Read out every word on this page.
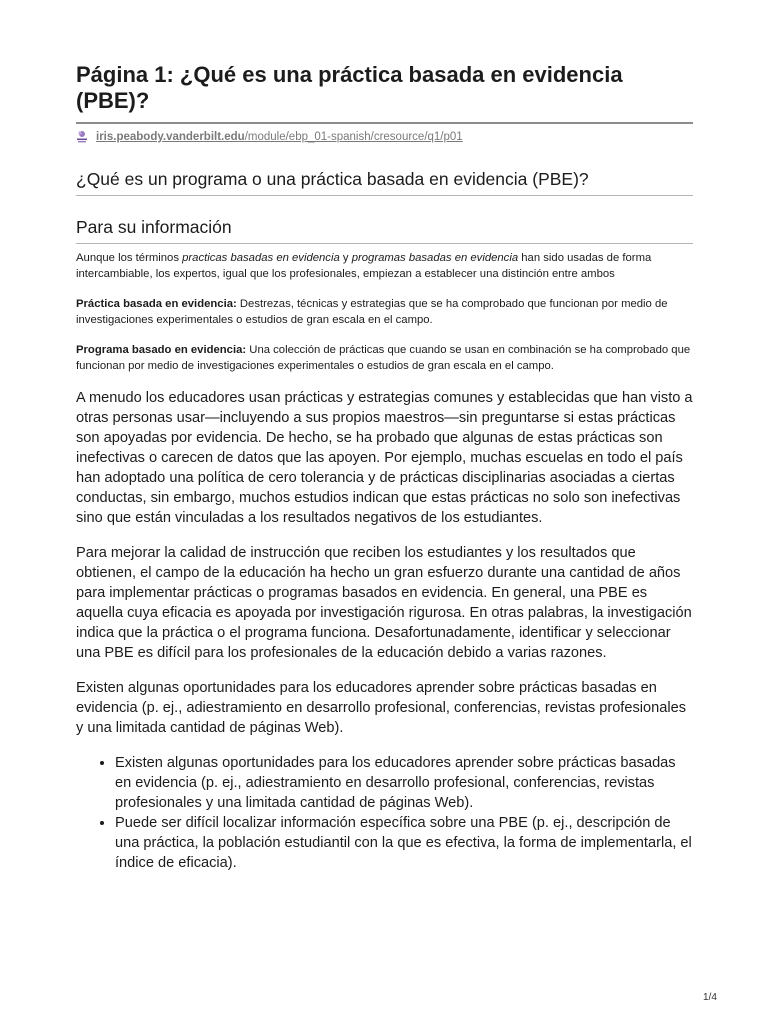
Página 1: ¿Qué es una práctica basada en evidencia (PBE)?
iris.peabody.vanderbilt.edu/module/ebp_01-spanish/cresource/q1/p01
¿Qué es un programa o una práctica basada en evidencia (PBE)?
Para su información

Aunque los términos practicas basadas en evidencia y programas basadas en evidencia han sido usadas de forma intercambiable, los expertos, igual que los profesionales, empiezan a establecer una distinción entre ambos

Práctica basada en evidencia: Destrezas, técnicas y estrategias que se ha comprobado que funcionan por medio de investigaciones experimentales o estudios de gran escala en el campo.

Programa basado en evidencia: Una colección de prácticas que cuando se usan en combinación se ha comprobado que funcionan por medio de investigaciones experimentales o estudios de gran escala en el campo.

A menudo los educadores usan prácticas y estrategias comunes y establecidas que han visto a otras personas usar—incluyendo a sus propios maestros—sin preguntarse si estas prácticas son apoyadas por evidencia. De hecho, se ha probado que algunas de estas prácticas son inefectivas o carecen de datos que las apoyen. Por ejemplo, muchas escuelas en todo el país han adoptado una política de cero tolerancia y de prácticas disciplinarias asociadas a ciertas conductas, sin embargo, muchos estudios indican que estas prácticas no solo son inefectivas sino que están vinculadas a los resultados negativos de los estudiantes.

Para mejorar la calidad de instrucción que reciben los estudiantes y los resultados que obtienen, el campo de la educación ha hecho un gran esfuerzo durante una cantidad de años para implementar prácticas o programas basados en evidencia. En general, una PBE es aquella cuya eficacia es apoyada por investigación rigurosa. En otras palabras, la investigación indica que la práctica o el programa funciona. Desafortunadamente, identificar y seleccionar una PBE es difícil para los profesionales de la educación debido a varias razones.

Existen algunas oportunidades para los educadores aprender sobre prácticas basadas en evidencia (p. ej., adiestramiento en desarrollo profesional, conferencias, revistas profesionales y una limitada cantidad de páginas Web).

• Existen algunas oportunidades para los educadores aprender sobre prácticas basadas en evidencia (p. ej., adiestramiento en desarrollo profesional, conferencias, revistas profesionales y una limitada cantidad de páginas Web).
• Puede ser difícil localizar información específica sobre una PBE (p. ej., descripción de una práctica, la población estudiantil con la que es efectiva, la forma de implementarla, el índice de eficacia).
1/4
